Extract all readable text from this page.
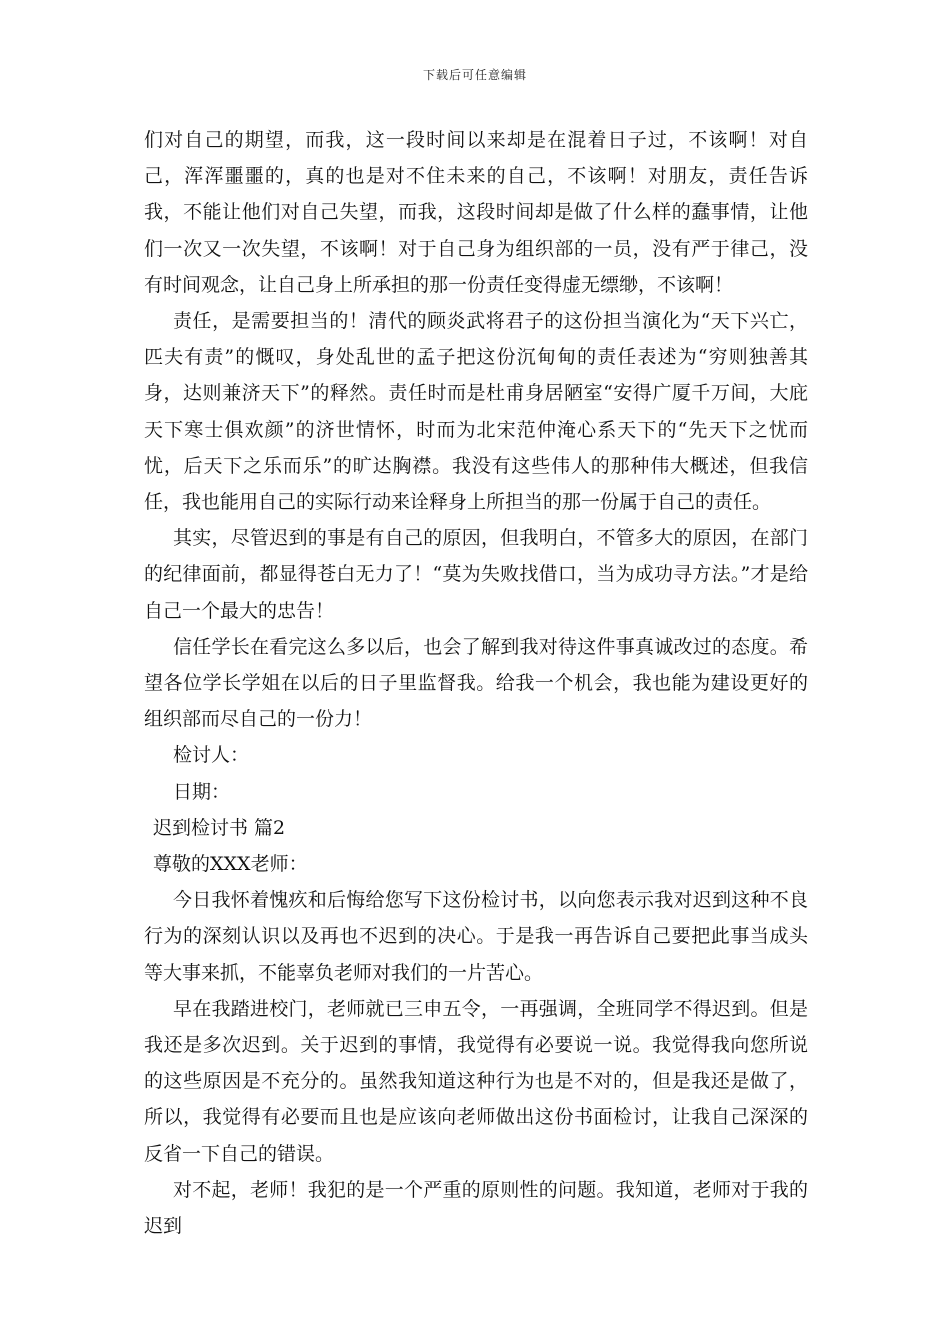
下载后可任意编辑

们对自己的期望，而我，这一段时间以来却是在混着日子过，不该啊！对自己，浑浑噩噩的，真的也是对不住未来的自己，不该啊！对朋友，责任告诉我，不能让他们对自己失望，而我，这段时间却是做了什么样的蠢事情，让他们一次又一次失望，不该啊！对于自己身为组织部的一员，没有严于律己，没有时间观念，让自己身上所承担的那一份责任变得虚无缥缈，不该啊！

责任，是需要担当的！清代的顾炎武将君子的这份担当演化为“天下兴亡，匹夫有责”的慨叹，身处乱世的孟子把这份沉甸甸的责任表述为“穷则独善其身，达则兼济天下”的释然。责任时而是杜甫身居陋室“安得广厦千万间，大庇天下寒士俱欢颜”的济世情怀，时而为北宋范仲淹心系天下的“先天下之忧而忧，后天下之乐而乐”的旷达胸襟。我没有这些伟人的那种伟大概述，但我信任，我也能用自己的实际行动来诠释身上所担当的那一份属于自己的责任。

其实，尽管迟到的事是有自己的原因，但我明白，不管多大的原因，在部门的纪律面前，都显得苍白无力了！“莫为失败找借口，当为成功寻方法。”才是给自己一个最大的忠告！

信任学长在看完这么多以后，也会了解到我对待这件事真诚改过的态度。希望各位学长学姐在以后的日子里监督我。给我一个机会，我也能为建设更好的组织部而尽自己的一份力！

检讨人：

日期：

迟到检讨书 篇2

尊敬的XXX老师：

今日我怀着愧疚和后悔给您写下这份检讨书，以向您表示我对迟到这种不良行为的深刻认识以及再也不迟到的决心。于是我一再告诉自己要把此事当成头等大事来抓，不能辜负老师对我们的一片苦心。

早在我踏进校门，老师就已三申五令，一再强调，全班同学不得迟到。但是我还是多次迟到。关于迟到的事情，我觉得有必要说一说。我觉得我向您所说的这些原因是不充分的。虽然我知道这种行为也是不对的，但是我还是做了，所以，我觉得有必要而且也是应该向老师做出这份书面检讨，让我自己深深的反省一下自己的错误。

对不起，老师！我犯的是一个严重的原则性的问题。我知道，老师对于我的迟到
